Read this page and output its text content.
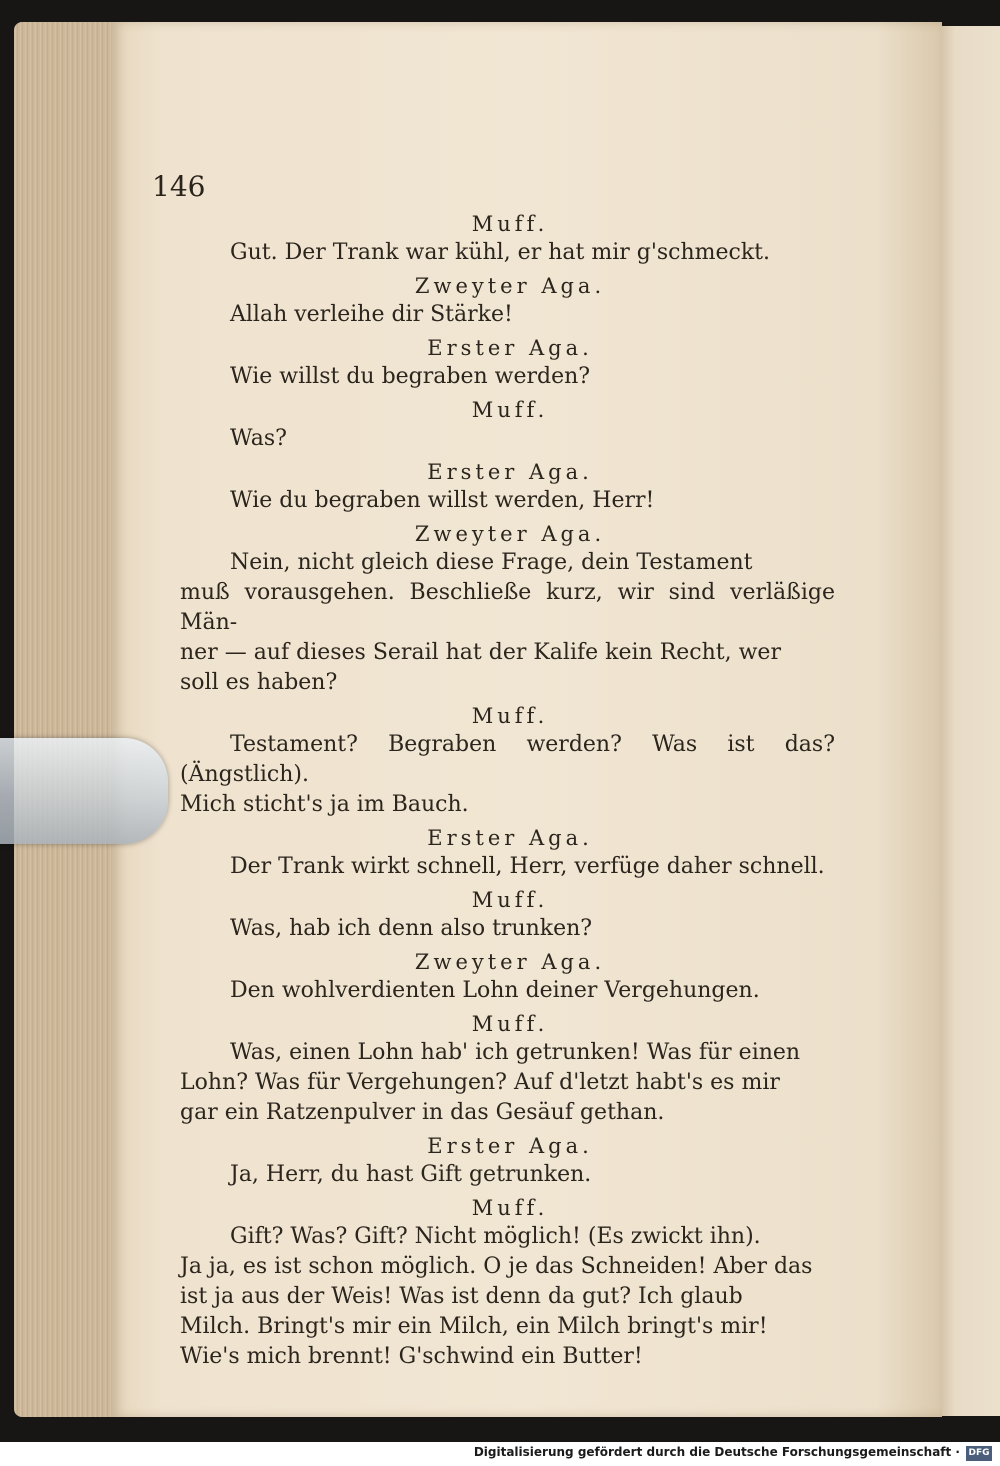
146
Muff.
Gut. Der Trank war kühl, er hat mir g'schmeckt.
Zweyter Aga.
Allah verleihe dir Stärke!
Erster Aga.
Wie willst du begraben werden?
Muff.
Was?
Erster Aga.
Wie du begraben willst werden, Herr!
Zweyter Aga.
Nein, nicht gleich diese Frage, dein Testament
muß vorausgehen. Beschließe kurz, wir sind verläßige Män-
ner — auf dieses Serail hat der Kalife kein Recht, wer
soll es haben?
Muff.
Testament? Begraben werden? Was ist das? (Ängstlich).
Mich sticht's ja im Bauch.
Erster Aga.
Der Trank wirkt schnell, Herr, verfüge daher schnell.
Muff.
Was, hab ich denn also trunken?
Zweyter Aga.
Den wohlverdienten Lohn deiner Vergehungen.
Muff.
Was, einen Lohn hab' ich getrunken! Was für einen
Lohn? Was für Vergehungen? Auf d'letzt habt's es mir
gar ein Ratzenpulver in das Gesäuf gethan.
Erster Aga.
Ja, Herr, du hast Gift getrunken.
Muff.
Gift? Was? Gift? Nicht möglich! (Es zwickt ihn).
Ja ja, es ist schon möglich. O je das Schneiden! Aber das
ist ja aus der Weis! Was ist denn da gut? Ich glaub
Milch. Bringt's mir ein Milch, ein Milch bringt's mir!
Wie's mich brennt! G'schwind ein Butter!
Digitalisierung gefördert durch die Deutsche Forschungsgemeinschaft · DFG
